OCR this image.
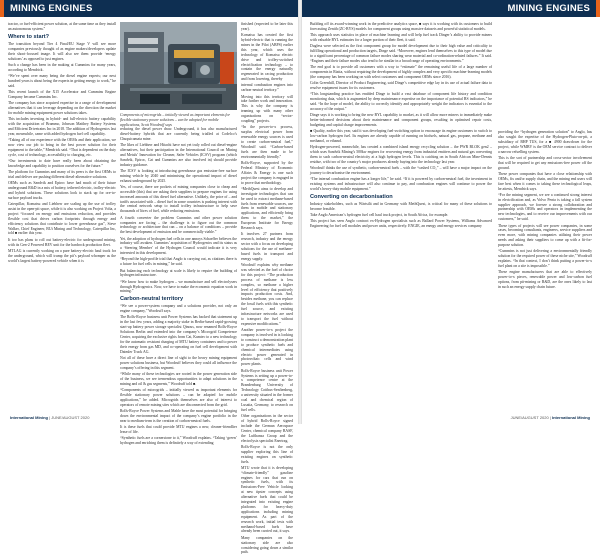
MINING ENGINES

tractor, or fuel-efficient power solution, at the same time as they install an autonomous system.”

Where to start?

The transition beyond Tier 4 Final/EU Stage V will see more companies previously thought of as engine makers/developers update their shoot-focused image. It will also see them provide ‘energy solutions’ as opposed to just engines.

Such a change has been in the making at Cummins for many years, according to Mendrick.

“We’ve spent over many being the diesel engine experts; our next hundred years is about being the experts in getting energy to work,” he said.

This recent launch of the X15 Accelerator and Cummins Engine Company became Cummins Inc.

The company has since acquired expertise in a range of development alternatives that it can leverage depending on the direction the market for mobile mining equipment power solutions takes.

This includes investing in hybrid- and full-electric battery capability with the acquisition of Brammo, Johnson Matthey Battery Systems and Efficient Drivetrains Inc in 2018. The addition of Hydrogenics last year, meanwhile, came with added hydrogen fuel cell capability.

“Taking all of our experience with the OEMs and their application, we now view our job to bring in the best power solution for their equipment to the table,” Mendrick said. “That is dependent on the duty cycle, cost of technology, accessibility to charging, etc.

“Our investments to date have really been about obtaining the knowledge and capability to position ourselves for the future.”

The platform for Cummins and many of its peers is the first OEMs to trial and deliver are pushing different diesel-alternative solutions.

OEMs such as Sandvik and Epiroc have had much of their future underground R&D in a mix of battery, tethered electric, trolley-electric and hybrid solutions. These solutions look to stack up for ore-to-surface payload trucks.

Caterpillar, Komatsu and Liebherr are scaling up the use of trolley assist in the open-pit space, while it is also working on Project Volta, a project “focused on energy and emissions reduction, and provides flexible cost that drives carbon footprints through energy and efficiency solutions that contribute to lower greenhouse gas”, Steve Walker, Chief Engineer, BUi Mining and Technology, Caterpillar Inc, told ■ earlier this year.

It too has plans to roll out battery-electric for underground mining, with its Gen-2 Powered BEV unit for the hardrock production fleet.

MTLAG is currently working on a pure battery-electric haul truck for the underground, which will trump the pit’s payload whomper as the world’s largest battery-powered vehicle when it is

Components of microgrids – initially viewed as important elements for flexible stationary power solutions – can be adopted for mobile applications, Scott Woodruff says

reducing the diesel power draw. Underground, it has also manufactured diesel-battery hybrids that are currently being trialled at Codelco’s Chuquicamata mine.

The likes of Liebherr and Hitachi have not yet truly rolled out diesel-engine alternatives, but their participation in the International Council on Mining and Metals’ Innovation for Cleaner, Safer Vehicles (ICSV) program (which Sandvik, Epiroc, Cat and Cummins are also involved in) should provide industry guidance.

The ICSV is looking at introducing greenhouse gas emission-free surface mining vehicle by 2040 and minimising the operational impact of diesel exhaust underground by 2025.

Yes, of course, there are pockets of mining companies close to cheap and accessible (this) that are asking their suppliers to prepare engines for using increased amounts of this diesel fuel alternative. Unlikely, the price of – and tariffs associated with – diesel fuel in some countries is pushing interest with the central network setup to install trolley infrastructure to help save thousands of litres of fuel, while reducing emissions.

A fourth converter the problem Cummins and other power solution companies are facing – the challenge is to figure out the common technology or architecture that can – on a balance of conditions – provide the best development of emission and be commercially viable.”

Yet, the adoption of hydrogen fuel cells in one annoys Schaeffer believes the industry will awaken. Cummins’ acquisition of Hydrogenics and its status as a ‘Steering Member’ of the Hydrogen Council would indicate it is very interested in this development.

“Beyond the high-profile trial that Anglo is carrying out, as citations there is a future for fuel cells in mining,” he said.

But balancing each technology at scale is likely to require the building of hydrogen infrastructure.

“We know how to make hydrogen – we manufacture and sell electrolysers through Hydrogenics. Now, we have to make the economic equation work in mining.”

Carbon-neutral territory

“We see a power-system company and a solutions provider, not only an engine company,” Woodruff says.

The Rolls-Royce business unit Power Systems has backed that statement up in the last few years, adding a majority stake in Berlin-based rapid-growing start-up battery power storage specialist Qinous, now renamed Rolls-Royce Solutions Berlin and extended into the company’s Microgrid Competence Center, acquiring the exclusive rights from Cat, Kumtec to a new technology for the automatic resistant charging of MTU battery containers and to power their energy from gas MD, and co-operating on fuel cell development with Daimler Truck AG.

Not all of these have a direct line of sight to the heavy mining equipment power solutions business, but Woodruff believes they could all influence the company’s offering in this segment.

“While many of these technologies are rooted in the power generation side of the business, we see tremendous opportunities to adapt solutions in the mining and oil & gas segments,” Woodruff told ■.

“Components of microgrids – initially viewed as important elements for flexible stationary power solutions – can be adapted for mobile applications,” he added. Microgrids themselves are also of interest to operators of remote mining sites which are disconnected from the grid.

Rolls-Royce Power Systems and Mahle have the most potential for bringing down the environmental impact of the company’s engine portfolio in the near to medium-term is the creation of carbon-neutral fuels.

It is these fuels that could provide MTU engines a new, cleaner-friendlier lease of life.

“Synthetic fuels are a cornerstone to it,” Woodruff explains. “Taking ‘green’ hydrogen and enriching them is definitely a way of extending

finished (expected to be later this year).

Komatsu has created the first hybrid-electric that is running the mines in the Pilot (ABPS) earlier this year, which uses the technology of Komatsu electric drive and trolley-switched electrification technology – to contain the energy naturally regenerated in racing production and from lowering, thereby

internal combustion engines into carbon-neutral territory.”

Moving into this territory will take further work and innovation. This is why the company is teaming up with many other organisations on “sector-coupling” projects.

“In the power-to-x process, surplus electrical power from renewable energy sources is used to create carbon-neutral fuel,” Woodruff said. “Carbon-based fuels are then made to be environmentally friendly.”

Rolls-Royce, supported by the Federal Ministry of Economic Affairs & Energy is one such project the company is engaged in to prove that methodology.

“MethQuest aims to develop and investigate technologies that can be used to extract methane-based fuels from renewable sources, use them in mobile and stationary applications, and efficiently bring them to the market,” the European Institute for Energy Research says.

It involves 27 partners from research, industry and the energy sector with a focus on developing solutions for the use of methane-based fuels in transport and energy supply.

Woodruff explains why methane was selected as the fuel of choice for this project: “The production process of methane is less complex, so methane a higher level of efficiency that positively impacts production costs. And, besides methane, you can replace the fossil fuels with this synthetic fuel source, and existing infrastructure networks are used to transport the fuel without expensive modifications.”

Another power-to-x project the company is involved in is looking to construct a demonstration plant to produce synthetic fuels and chemical intermediates using electric power generated in photovoltaic cells and wind power plants.

Rolls-Royce business unit Power Systems is setting up a power-to-x competence centre at the Brandenburg University of Technology Cottbus-Senftenberg, a university situated in the former coal and chemical region of Lusatia, Germany, to research on fuel cells.

Other organisations in the sector of hybrid Rolls-Royce signed include the German Aerospace Center, chemical company BASF, the Lufthansa Group and the electrolysis specialist Enertrag.

Rolls-Royce is not the only supplier exploring this line of existing engines on synthetic fuels.

MTU wrote that it is developing “climate-friendly” gasoline engines for cars that run on synthetic fuels, with its Emissions-Free Vehicle looking at new tipster concepts using alternative fuels that could be integrated into existing engine platforms for heavy-duty applications including mining equipment. As part of the research work, initial tests with methanol-based fuels have already been carried out, it says.

Many companies on the stationary side are also considering going down a similar path.

International Mining | JUNE/AUGUST 2020
MINING ENGINES

Building off its award-winning work in the predictive analytics space, ■ says it is working with its customers to build forecasting Zenith (ZC-BYS) models for component groups using massive datasets and powerful statistical models.

This approach uses statistics in place of machine learning and will help fuel track Dinger’s ability to provide miners with valuable BYL estimates for a larger portion of their fleet, it said.

Dugless were selected as the first component group for model development due to their high value and criticality to fulfilling operational and production targets, Dinge said. “Moreover, engines lend themselves to this type of model due to a significant percentage of common failure modes sharing wear material and co-ordination-related failures.” It said. “Engines and their failure modes also tend to be similar in a broad range of operating environments.”

The end goal is to provide all customers with a way to “estimate” the remaining useful life of a large number of components in Riatta, without requiring the development of highly complex and very specific machine-learning models (the company has been working on with select customers and component OEMs since 2016).

Colin Greenhill, Director of Product Engineering, said Dinge’s competitive edge lay in its use of actual failure data to resolve equipment issues for its customers.

“This longstanding practice has enabled Dinge to build a vast database of component life history and condition monitoring data, which is augmented by deep maintenance expertise on the importance of potential BS indicators,” he said. “In the hope of model, the ability to correctly identify and appropriately weight the indicators is essential to the accuracy of the output.”

Dinge says it is working to bring the new BYL capability to market, as it will allow more miners to immediately make better-informed decisions about their maintenance and component groups, resulting in optimised repair costs, budgeting and capital charge improvements.

■ Quality, earlier this year, said it was developing fuel-switching option to encourage its engine customers to switch to low-carbon hydrogen fuel. Its engines are already capable of running on biofuels, natural gas, propane, methane and methanol, or ethanol.

Hydrogen-powered, meanwhile, has created a combined island energy recycling solution – the PWR BLOK gen2 – which uses Sandvik Mining’s 500kw engines for recovering energy from industrial emitters and natural gas converting them to such carbon-neutral electricity at a high hydrogen levels. This is catching on in South African Mine-Dennis residue, with two of the country’s major producers already buying into the technology last year.

Woodruff thinks the use of synthetic, carbon-neutral fuels – with the “cashed CO₂” – will have a major impact on the journey to decarbonise the environment.

“The internal combustion engine has a longer life,” he said. “If it is powered by carbon-neutral fuel, the investment in existing systems and infrastructure will also continue to pay, and combustion engines will continue to power the world’s heavy-duty mobile equipment.”

Converting on decarbonisation

Industry stakeholders, such as Wärtsilä and in Germany with MethQuest, is critical for many of these solutions to become feasible.

Take Anglo American’s hydrogen fuel cell haul truck project, in South Africa, for example.

This project has seen Anglo contract ex-Hydrogen specialists such as Ballard Power Systems, Williams Advanced Engineering for fuel cell modules and power units, respectively. ENGIE, an energy and energy services company

providing the “hydrogen generation solution” to Anglo, has also sought the expertise of the Hydrogen-Pluto-on-pit, a subsidiary of BHP TUS, for a ■ 4900 drawdown for the project, while WMBV is the OEM service contract to deliver a narrow refuelling system.

This is the sort of partnership and cross-sector involvement that will be required to get any emissions-free power off the ground.

These power companies that have a close relationship with OEMs, fix and/or supply chain, and the mining end users will fare best when it comes to taking these technological leaps, he attests, Mendrick says.

“For the mining segment, we see a continued strong interest in electrification and, as Volvo Penta is taking a fall system supplier approach, we foresee a strong collaboration and partnership with OEMs and operators in implementing the new technologies, and to receive our improvements with our customers,” he said.

These types of projects will see power companies, in some cases, becoming consultants, engineers, service suppliers and even more, with mining companies utilising their power needs and asking their suppliers to come up with a fit-for-purpose solution.

“Cummins is not just delivering a environmentally friendly solution for the required power of these niche site,” Woodruff explains. “In that context, I don’t think putting a power-to-x fuel plant on a site is impossible.”

These engine manufacturers that are able to effectively power-to-x pieces, renewable power and low-carbon fuel options, from pit-mining or R&D, are the ones likely to last in such an energy supply chain future.

JUNE/AUGUST 2020 | International Mining
